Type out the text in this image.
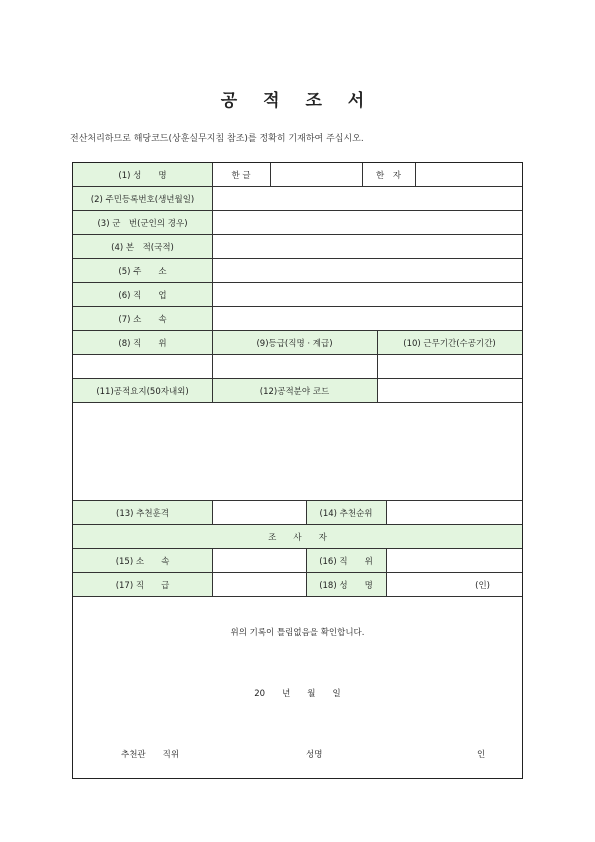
공 적 조 서
전산처리하므로 해당코드(상훈실무지침 참조)를 정확히 기재하여 주십시오.
(1) 성　　명	한 글	한　자
(2) 주민등록번호(생년월일)
(3) 군　번(군인의 경우)
(4) 본　적(국적)
(5) 주　　소
(6) 직　　업
(7) 소　　속
(8) 직　　위	(9)등급(직명 · 계급)	(10) 근무기간(수공기간)
(11)공적요지(50자내외)	(12)공적분야 코드
(13) 추천훈격	(14) 추천순위
조　　사　　자
(15) 소　　속	(16) 직　　위
(17) 직　　급	(18) 성　　명	(인)
위의 기록이 틀림없음을 확인합니다.
20　　년　　월　　일
추천관　　직위	성명	인
